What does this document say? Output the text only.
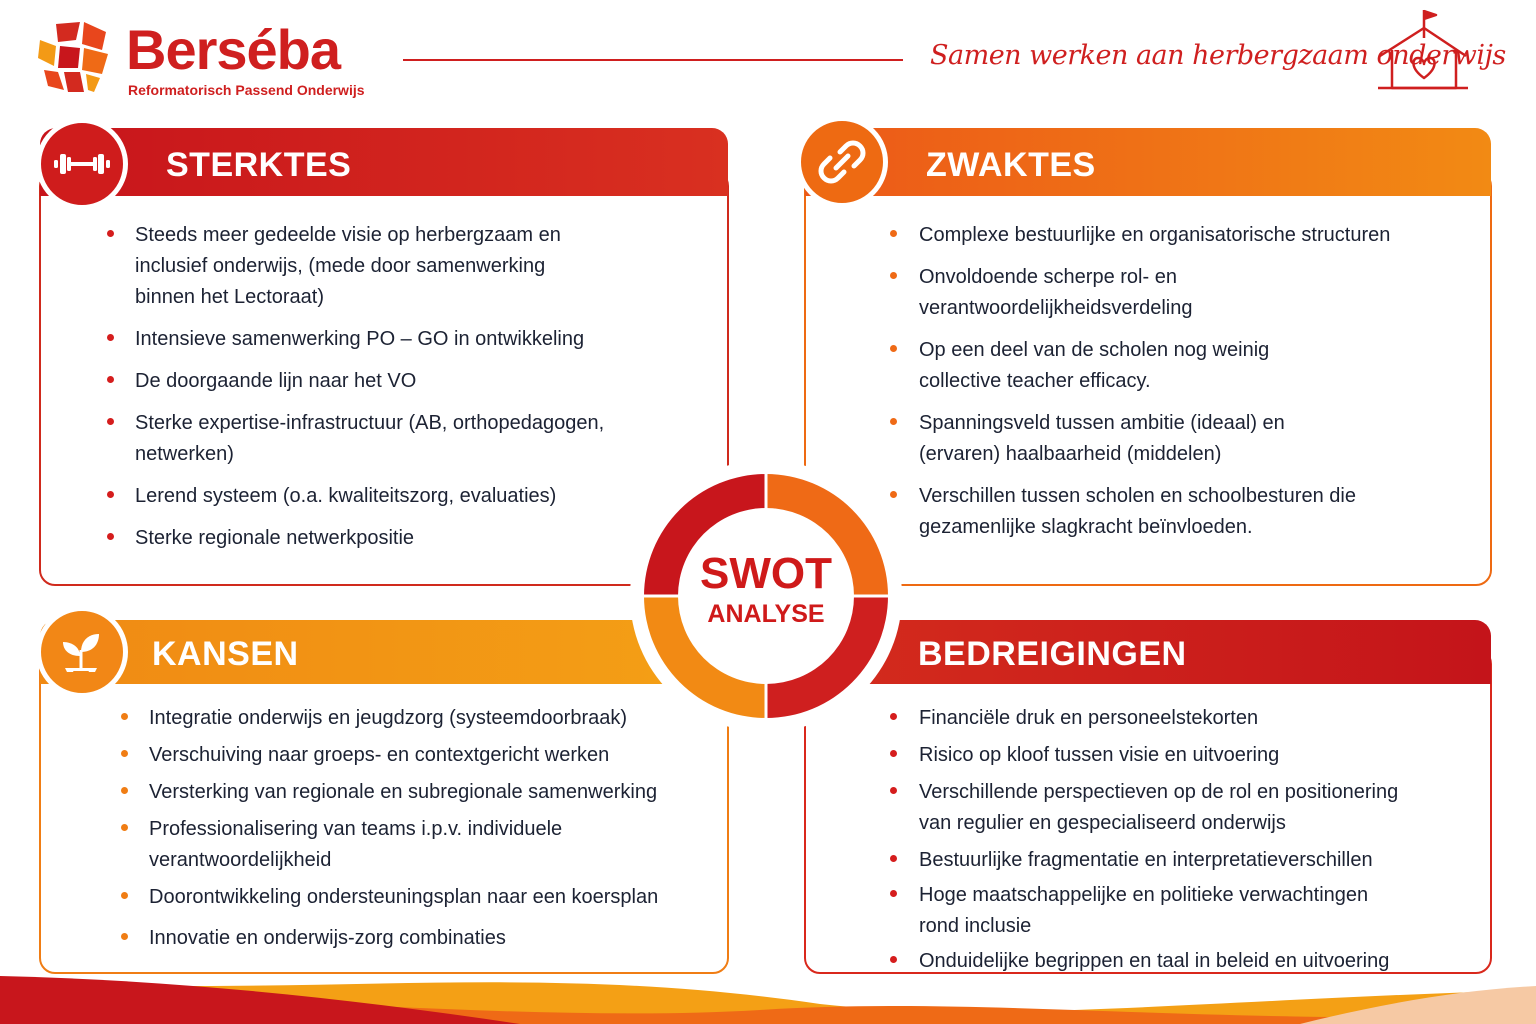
Berséba
Reformatorisch Passend Onderwijs
Samen werken aan herbergzaam onderwijs
STERKTES	ZWAKTES
KANSEN	BEDREIGINGEN
Steeds meer gedeelde visie op herbergzaam en
inclusief onderwijs, (mede door samenwerking
binnen het Lectoraat)
Intensieve samenwerking PO – GO in ontwikkeling
De doorgaande lijn naar het VO
Sterke expertise-infrastructuur (AB, orthopedagogen,
netwerken)
Lerend systeem (o.a. kwaliteitszorg, evaluaties)
Sterke regionale netwerkpositie
Complexe bestuurlijke en organisatorische structuren
Onvoldoende scherpe rol- en
verantwoordelijkheidsverdeling
Op een deel van de scholen nog weinig
collective teacher efficacy.
Spanningsveld tussen ambitie (ideaal) en
(ervaren) haalbaarheid (middelen)
Verschillen tussen scholen en schoolbesturen die
gezamenlijke slagkracht beïnvloeden.
Integratie onderwijs en jeugdzorg (systeemdoorbraak)
Verschuiving naar groeps- en contextgericht werken
Versterking van regionale en subregionale samenwerking
Professionalisering van teams i.p.v. individuele
verantwoordelijkheid
Doorontwikkeling ondersteuningsplan naar een koersplan
Innovatie en onderwijs-zorg combinaties
Financiële druk en personeelstekorten
Risico op kloof tussen visie en uitvoering
Verschillende perspectieven op de rol en positionering
van regulier en gespecialiseerd onderwijs
Bestuurlijke fragmentatie en interpretatieverschillen
Hoge maatschappelijke en politieke verwachtingen
rond inclusie
Onduidelijke begrippen en taal in beleid en uitvoering
SWOT
ANALYSE
